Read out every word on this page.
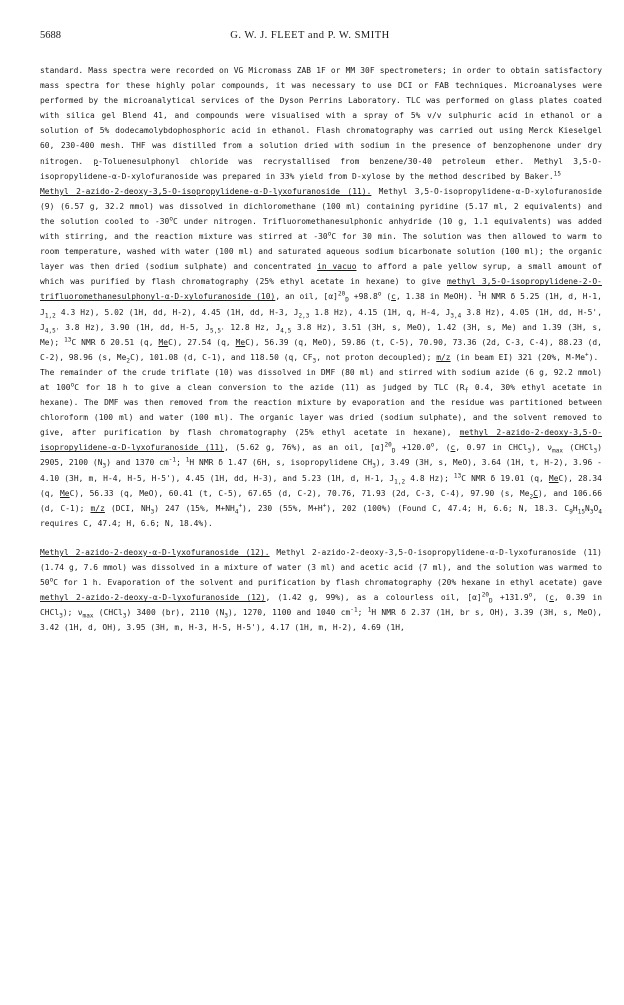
5688	G. W. J. FLEET and P. W. SMITH

standard. Mass spectra were recorded on VG Micromass ZAB 1F or MM 30F spectrometers; in order to obtain satisfactory mass spectra for these highly polar compounds, it was necessary to use DCI or FAB techniques. Microanalyses were performed by the microanalytical services of the Dyson Perrins Laboratory. TLC was performed on glass plates coated with silica gel Blend 41, and compounds were visualised with a spray of 5% v/v sulphuric acid in ethanol or a solution of 5% dodecamolybdophosphoric acid in ethanol. Flash chromatography was carried out using Merck Kieselgel 60, 230-400 mesh. THF was distilled from a solution dried with sodium in the presence of benzophenone under dry nitrogen. p-Toluenesulphonyl chloride was recrystallised from benzene/30-40 petroleum ether. Methyl 3,5-O-isopropylidene-α-D-xylofuranoside was prepared in 33% yield from D-xylose by the method described by Baker.$^{15}$

Methyl 2-azido-2-deoxy-3,5-O-isopropylidene-α-D-lyxofuranoside (11). Methyl 3,5-O-isopropylidene-α-D-xylofuranoside (9) (6.57 g, 32.2 mmol) was dissolved in dichloromethane (100 ml) containing pyridine (5.17 ml, 2 equivalents) and the solution cooled to -30$^o$C under nitrogen. Trifluoromethanesulphonic anhydride (10 g, 1.1 equivalents) was added with stirring, and the reaction mixture was stirred at -30$^o$C for 30 min. The solution was then allowed to warm to room temperature, washed with water (100 ml) and saturated aqueous sodium bicarbonate solution (100 ml); the organic layer was then dried (sodium sulphate) and concentrated in vacuo to afford a pale yellow syrup, a small amount of which was purified by flash chromatography (25% ethyl acetate in hexane) to give methyl 3,5-O-isopropylidene-2-O-trifluoromethanesulphonyl-α-D-xylofuranoside (10), an oil, $[\alpha]^{20}_D +98.8^o$ (c, 1.38 in MeOH). $^1$H NMR δ 5.25 (1H, d, H-1, $J_{1,2}$ 4.3 Hz), 5.02 (1H, dd, H-2), 4.45 (1H, dd, H-3, $J_{2,3}$ 1.8 Hz), 4.15 (1H, q, H-4, $J_{3,4}$ 3.8 Hz), 4.05 (1H, dd, H-5', $J_{4,5'}$ 3.8 Hz), 3.90 (1H, dd, H-5, $J_{5,5'}$ 12.8 Hz, $J_{4,5}$ 3.8 Hz), 3.51 (3H, s, MeO), 1.42 (3H, s, Me) and 1.39 (3H, s, Me); $^{13}$C NMR δ 20.51 (q, MeC), 27.54 (q, MeC), 56.39 (q, MeO), 59.86 (t, C-5), 70.90, 73.36 (2d, C-3, C-4), 88.23 (d, C-2), 98.96 (s, $Me_2C$), 101.08 (d, C-1), and 118.50 (q, $CF_3$, not proton decoupled); m/z (in beam EI) 321 (20%, M-Me+).

The remainder of the crude triflate (10) was dissolved in DMF (80 ml) and stirred with sodium azide (6 g, 92.2 mmol) at 100$^o$C for 18 h to give a clean conversion to the azide (11) as judged by TLC ($R_f$ 0.4, 30% ethyl acetate in hexane). The DMF was then removed from the reaction mixture by evaporation and the residue was partitioned between chloroform (100 ml) and water (100 ml). The organic layer was dried (sodium sulphate), and the solvent removed to give, after purification by flash chromatography (25% ethyl acetate in hexane), methyl 2-azido-2-deoxy-3,5-O-isopropylidene-α-D-lyxofuranoside (11), (5.62 g, 76%), as an oil, $[\alpha]^{20}_D +120.0^o$, (c, 0.97 in CHCl$_3$), $\nu_{max}$ (CHCl$_3$) 2905, 2100 $(N_3)$ and 1370 $cm^{-1}$; $^1$H NMR δ 1.47 (6H, s, isopropylidene $CH_3$), 3.49 (3H, s, MeO), 3.64 (1H, t, H-2), 3.96 - 4.10 (3H, m, H-4, H-5, H-5'), 4.45 (1H, dd, H-3), and 5.23 (1H, d, H-1, $J_{1,2}$ 4.8 Hz); $^{13}$C NMR δ 19.01 (q, MeC), 28.34 (q, MeC), 56.33 (q, MeO), 60.41 (t, C-5), 67.65 (d, C-2), 70.76, 71.93 (2d, C-3, C-4), 97.90 (s, $Me_2C$), and 106.66 (d, C-1); m/z (DCI, $NH_3$) 247 (15%, $M+NH_4^+$), 230 (55%, M+H+), 202 (100%) (Found C, 47.4; H, 6.6; N, 18.3. $C_9H_{15}N_3O_4$ requires C, 47.4; H, 6.6; N, 18.4%).

Methyl 2-azido-2-deoxy-α-D-lyxofuranoside (12). Methyl 2-azido-2-deoxy-3,5-O-isopropylidene-α-D-lyxofuranoside (11) (1.74 g, 7.6 mmol) was dissolved in a mixture of water (3 ml) and acetic acid (7 ml), and the solution was warmed to 50$^o$C for 1 h. Evaporation of the solvent and purification by flash chromatography (20% hexane in ethyl acetate) gave methyl 2-azido-2-deoxy-α-D-lyxofuranoside (12), (1.42 g, 99%), as a colourless oil, $[\alpha]^{20}_D +131.9^o$, (c, 0.39 in CHCl$_3$); $\nu_{max}$ (CHCl$_3$) 3400 (br), 2110 $(N_3)$, 1270, 1100 and 1040 $cm^{-1}$; $^1$H NMR δ 2.37 (1H, br s, OH), 3.39 (3H, s, MeO), 3.42 (1H, d, OH), 3.95 (3H, m, H-3, H-5, H-5'), 4.17 (1H, m, H-2), 4.69 (1H,
